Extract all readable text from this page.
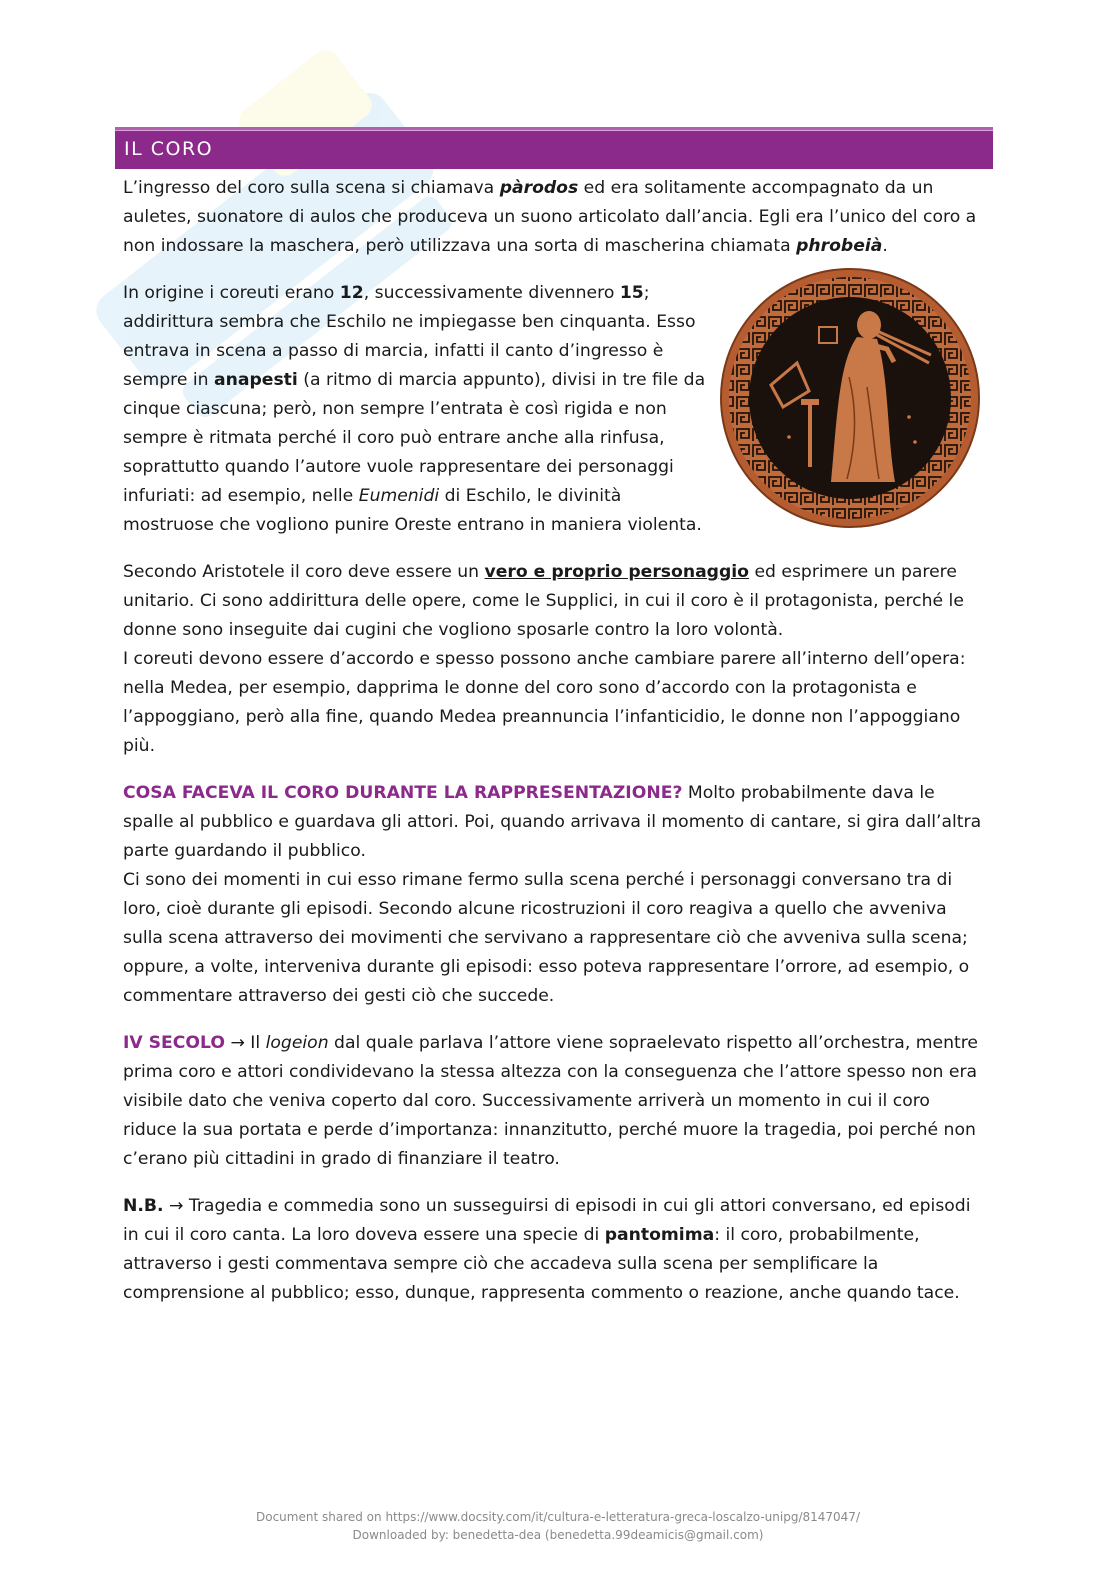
IL CORO

L’ingresso del coro sulla scena si chiamava pàrodos ed era solitamente accompagnato da un auletes, suonatore di aulos che produceva un suono articolato dall’ancia. Egli era l’unico del coro a non indossare la maschera, però utilizzava una sorta di mascherina chiamata phrobeià.

In origine i coreuti erano 12, successivamente divennero 15; addirittura sembra che Eschilo ne impiegasse ben cinquanta. Esso entrava in scena a passo di marcia, infatti il canto d’ingresso è sempre in anapesti (a ritmo di marcia appunto), divisi in tre file da cinque ciascuna; però, non sempre l’entrata è così rigida e non sempre è ritmata perché il coro può entrare anche alla rinfusa, soprattutto quando l’autore vuole rappresentare dei personaggi infuriati: ad esempio, nelle Eumenidi di Eschilo, le divinità mostruose che vogliono punire Oreste entrano in maniera violenta.

Secondo Aristotele il coro deve essere un vero e proprio personaggio ed esprimere un parere unitario. Ci sono addirittura delle opere, come le Supplici, in cui il coro è il protagonista, perché le donne sono inseguite dai cugini che vogliono sposarle contro la loro volontà.
I coreuti devono essere d’accordo e spesso possono anche cambiare parere all’interno dell’opera: nella Medea, per esempio, dapprima le donne del coro sono d’accordo con la protagonista e l’appoggiano, però alla fine, quando Medea preannuncia l’infanticidio, le donne non l’appoggiano più.

COSA FACEVA IL CORO DURANTE LA RAPPRESENTAZIONE? Molto probabilmente dava le spalle al pubblico e guardava gli attori. Poi, quando arrivava il momento di cantare, si gira dall’altra parte guardando il pubblico.
Ci sono dei momenti in cui esso rimane fermo sulla scena perché i personaggi conversano tra di loro, cioè durante gli episodi. Secondo alcune ricostruzioni il coro reagiva a quello che avveniva sulla scena attraverso dei movimenti che servivano a rappresentare ciò che avveniva sulla scena; oppure, a volte, interveniva durante gli episodi: esso poteva rappresentare l’orrore, ad esempio, o commentare attraverso dei gesti ciò che succede.

IV SECOLO → Il logeion dal quale parlava l’attore viene sopraelevato rispetto all’orchestra, mentre prima coro e attori condividevano la stessa altezza con la conseguenza che l’attore spesso non era visibile dato che veniva coperto dal coro. Successivamente arriverà un momento in cui il coro riduce la sua portata e perde d’importanza: innanzitutto, perché muore la tragedia, poi perché non c’erano più cittadini in grado di finanziare il teatro.

N.B. → Tragedia e commedia sono un susseguirsi di episodi in cui gli attori conversano, ed episodi in cui il coro canta. La loro doveva essere una specie di pantomima: il coro, probabilmente, attraverso i gesti commentava sempre ciò che accadeva sulla scena per semplificare la comprensione al pubblico; esso, dunque, rappresenta commento o reazione, anche quando tace.

Document shared on https://www.docsity.com/it/cultura-e-letteratura-greca-loscalzo-unipg/8147047/
Downloaded by: benedetta-dea (benedetta.99deamicis@gmail.com)
